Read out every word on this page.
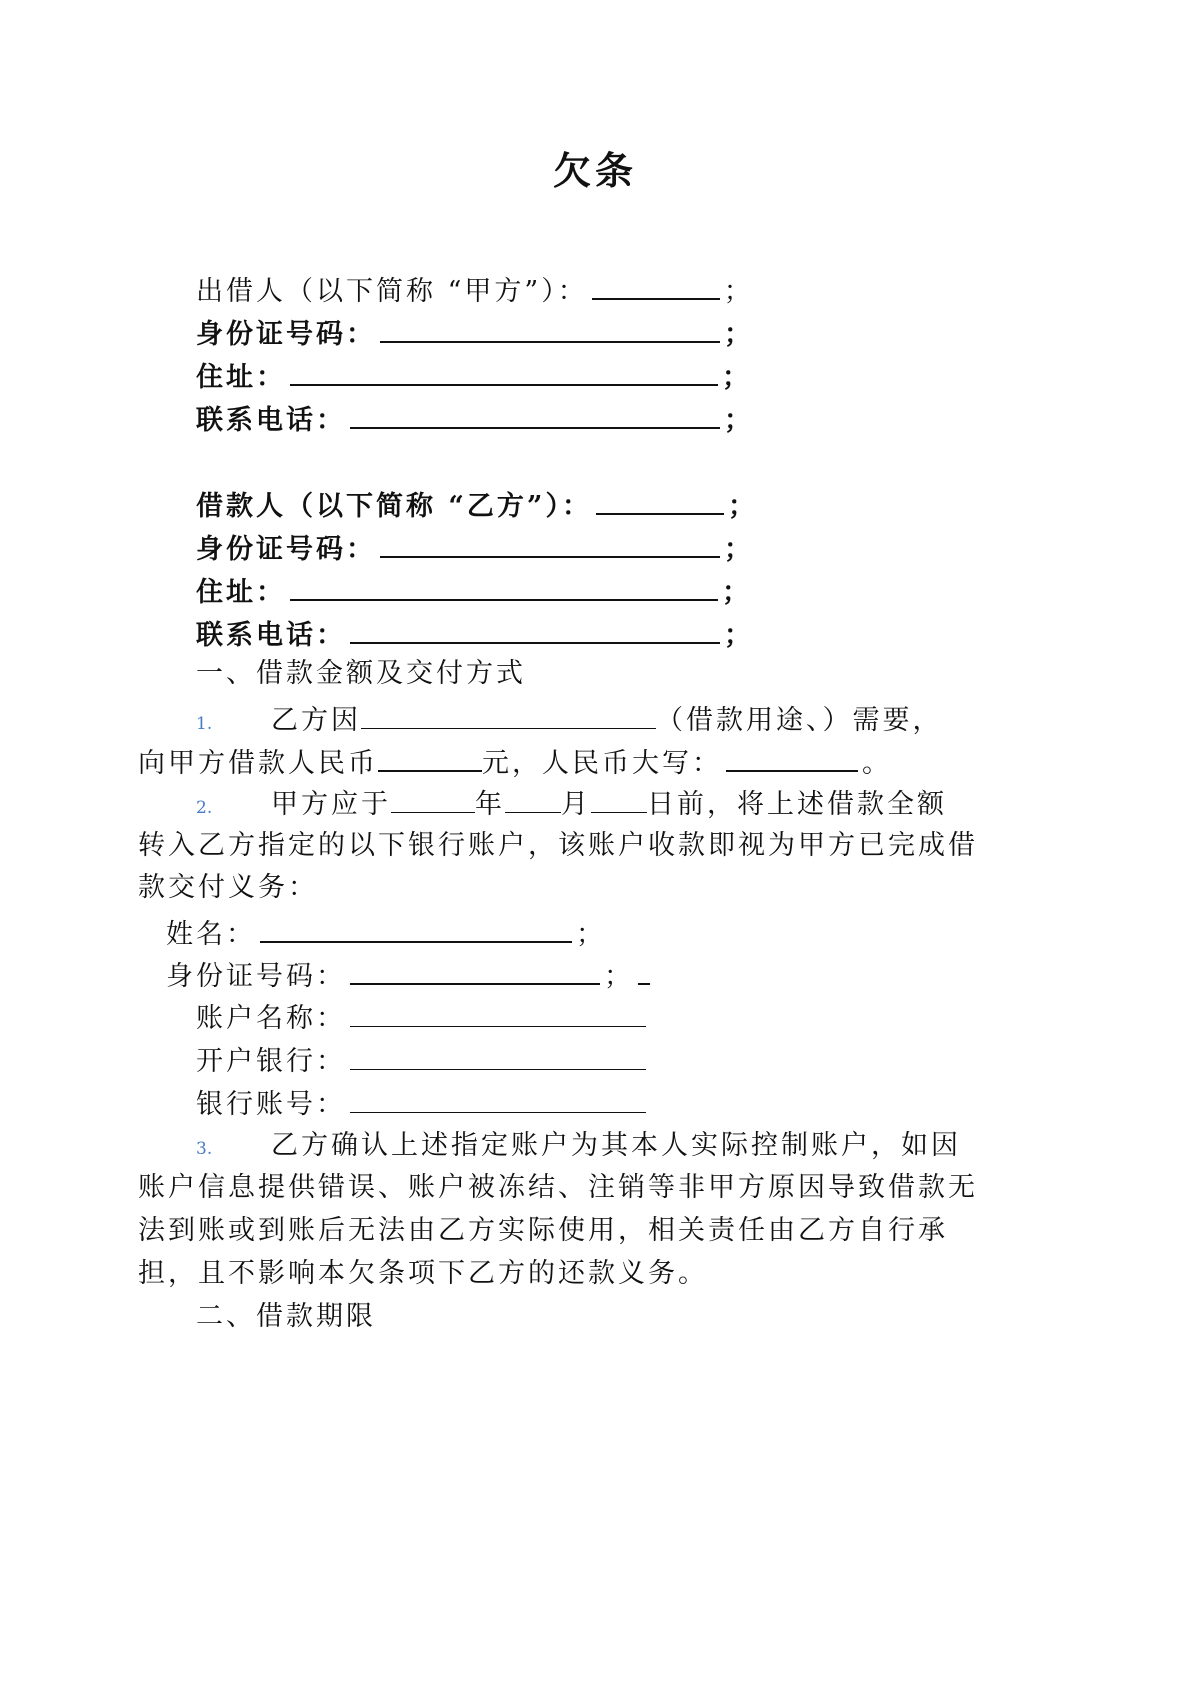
欠条
出借人（以下简称 “甲方”）：	；
身份证号码：	；
住址：	；
联系电话：	；
借款人（以下简称 “乙方”）：	；
身份证号码：	；
住址：	；
联系电话：	；
一、借款金额及交付方式
1. 乙方因	（借款用途、）需要，
向甲方借款人民币	元，人民币大写：	。
2. 甲方应于	年 月 日前，将上述借款全额
转入乙方指定的以下银行账户，该账户收款即视为甲方已完成借
款交付义务：
姓名：	；
身份证号码：	；
账户名称：
开户银行：
银行账号：
3. 乙方确认上述指定账户为其本人实际控制账户，如因
账户信息提供错误、账户被冻结、注销等非甲方原因导致借款无
法到账或到账后无法由乙方实际使用，相关责任由乙方自行承
担，且不影响本欠条项下乙方的还款义务。
二、借款期限
